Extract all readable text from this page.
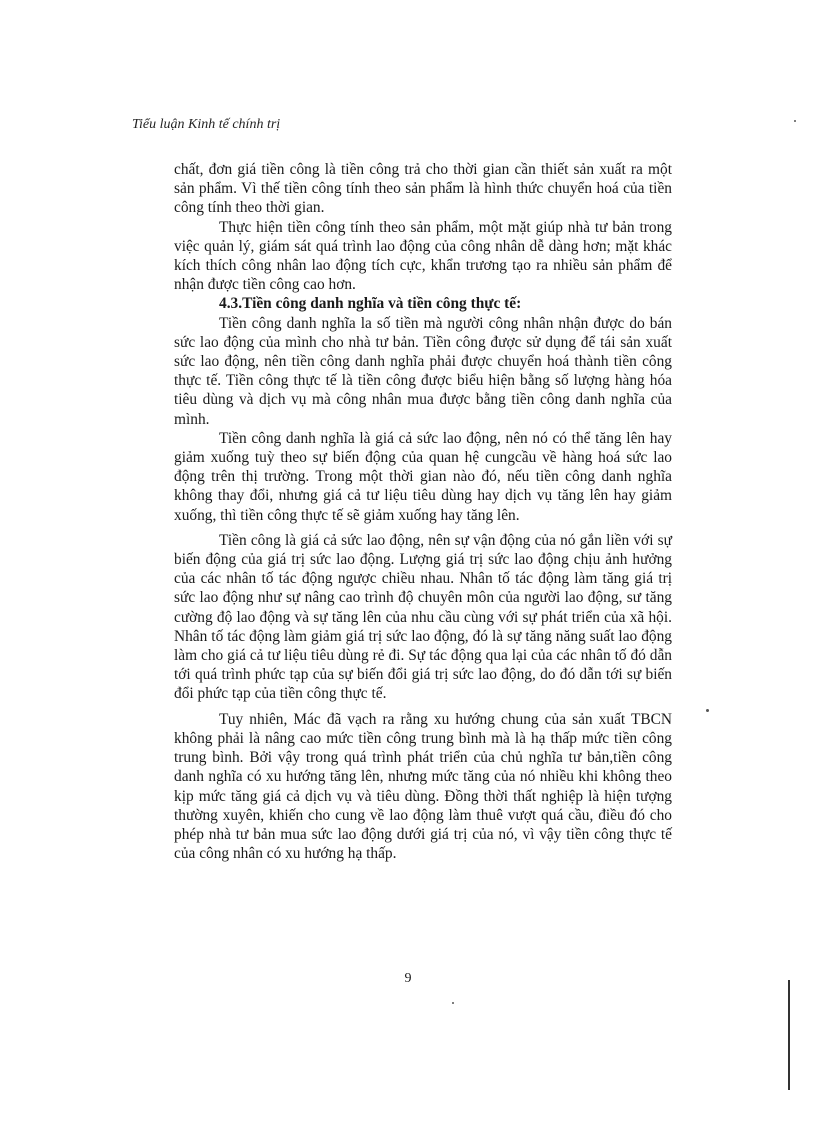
Tiểu luận Kinh tế chính trị

chất, đơn giá tiền công là tiền công trả cho thời gian cần thiết sản xuất ra một sản phẩm. Vì thế tiền công tính theo sản phẩm là hình thức chuyển hoá của tiền công tính theo thời gian.

Thực hiện tiền công tính theo sản phẩm, một mặt giúp nhà tư bản trong việc quản lý, giám sát quá trình lao động của công nhân dễ dàng hơn; mặt khác kích thích công nhân lao động tích cực, khẩn trương tạo ra nhiều sản phẩm để nhận được tiền công cao hơn.

4.3.Tiền công danh nghĩa và tiền công thực tế:

Tiền công danh nghĩa la số tiền mà người công nhân nhận được do bán sức lao động của mình cho nhà tư bản. Tiền công được sử dụng để tái sản xuất sức lao động, nên tiền công danh nghĩa phải được chuyển hoá thành tiền công thực tế. Tiền công thực tế là tiền công được biểu hiện bằng số lượng hàng hóa tiêu dùng và dịch vụ mà công nhân mua được bằng tiền công danh nghĩa của mình.

Tiền công danh nghĩa là giá cả sức lao động, nên nó có thể tăng lên hay giảm xuống tuỳ theo sự biến động của quan hệ cungcầu về hàng hoá sức lao động trên thị trường. Trong một thời gian nào đó, nếu tiền công danh nghĩa không thay đổi, nhưng giá cả tư liệu tiêu dùng hay dịch vụ tăng lên hay giảm xuống, thì tiền công thực tế sẽ giảm xuống hay tăng lên.

Tiền công là giá cả sức lao động, nên sự vận động của nó gắn liền với sự biến động của giá trị sức lao động. Lượng giá trị sức lao động chịu ảnh hưởng của các nhân tố tác động ngược chiều nhau. Nhân tố tác động làm tăng giá trị sức lao động như sự nâng cao trình độ chuyên môn của người lao động, sư tăng cường độ lao động và sự tăng lên của nhu cầu cùng với sự phát triển của xã hội. Nhân tố tác động làm giảm giá trị sức lao động, đó là sự tăng năng suất lao động làm cho giá cả tư liệu tiêu dùng rẻ đi. Sự tác động qua lại của các nhân tố đó dẫn tới quá trình phức tạp của sự biến đổi giá trị sức lao động, do đó dẫn tới sự biến đổi phức tạp của tiền công thực tế.

Tuy nhiên, Mác đã vạch ra rằng xu hướng chung của sản xuất TBCN không phải là nâng cao mức tiền công trung bình mà là hạ thấp mức tiền công trung bình. Bởi vậy trong quá trình phát triển của chủ nghĩa tư bản,tiền công danh nghĩa có xu hướng tăng lên, nhưng mức tăng của nó nhiều khi không theo kịp mức tăng giá cả dịch vụ và tiêu dùng. Đồng thời thất nghiệp là hiện tượng thường xuyên, khiến cho cung về lao động làm thuê vượt quá cầu, điều đó cho phép nhà tư bản mua sức lao động dưới giá trị của nó, vì vậy tiền công thực tế của công nhân có xu hướng hạ thấp.

9
